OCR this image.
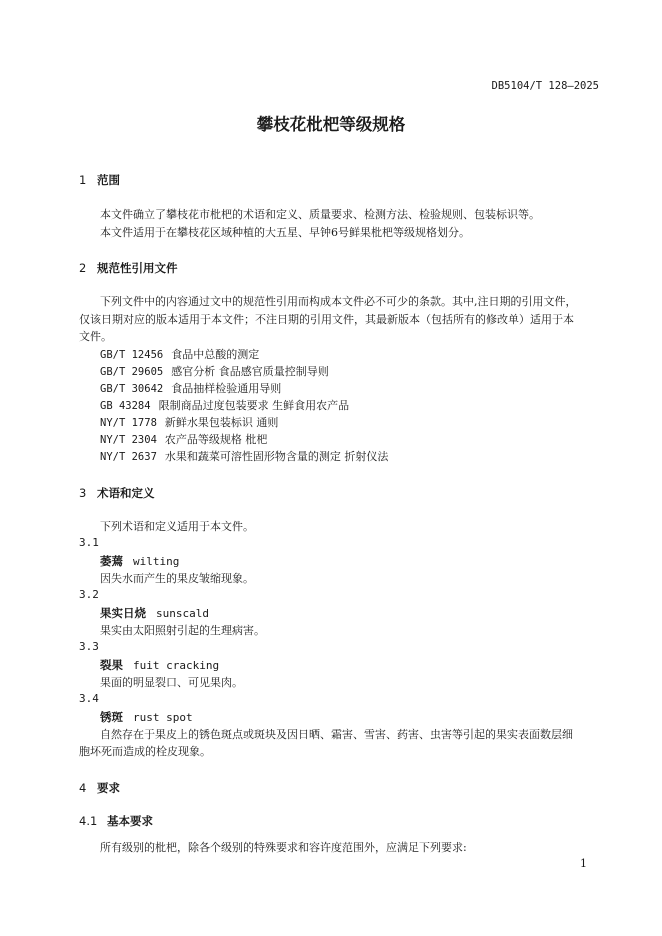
DB5104/T 128—2025
攀枝花枇杷等级规格
1 范围
本文件确立了攀枝花市枇杷的术语和定义、质量要求、检测方法、检验规则、包装标识等。
本文件适用于在攀枝花区域种植的大五星、早钟6号鲜果枇杷等级规格划分。
2 规范性引用文件
下列文件中的内容通过文中的规范性引用而构成本文件必不可少的条款。其中,注日期的引用文件，
仅该日期对应的版本适用于本文件；不注日期的引用文件，其最新版本（包括所有的修改单）适用于本
文件。
GB/T 12456 食品中总酸的测定
GB/T 29605 感官分析 食品感官质量控制导则
GB/T 30642 食品抽样检验通用导则
GB 43284 限制商品过度包装要求 生鲜食用农产品
NY/T 1778 新鲜水果包装标识 通则
NY/T 2304 农产品等级规格 枇杷
NY/T 2637 水果和蔬菜可溶性固形物含量的测定 折射仪法
3 术语和定义
下列术语和定义适用于本文件。
3.1
萎蔫 wilting
因失水而产生的果皮皱缩现象。
3.2
果实日烧 sunscald
果实由太阳照射引起的生理病害。
3.3
裂果 fuit cracking
果面的明显裂口、可见果肉。
3.4
锈斑 rust spot
自然存在于果皮上的锈色斑点或斑块及因日晒、霜害、雪害、药害、虫害等引起的果实表面数层细
胞坏死而造成的栓皮现象。
4 要求
4.1 基本要求
所有级别的枇杷，除各个级别的特殊要求和容许度范围外，应满足下列要求:
1
